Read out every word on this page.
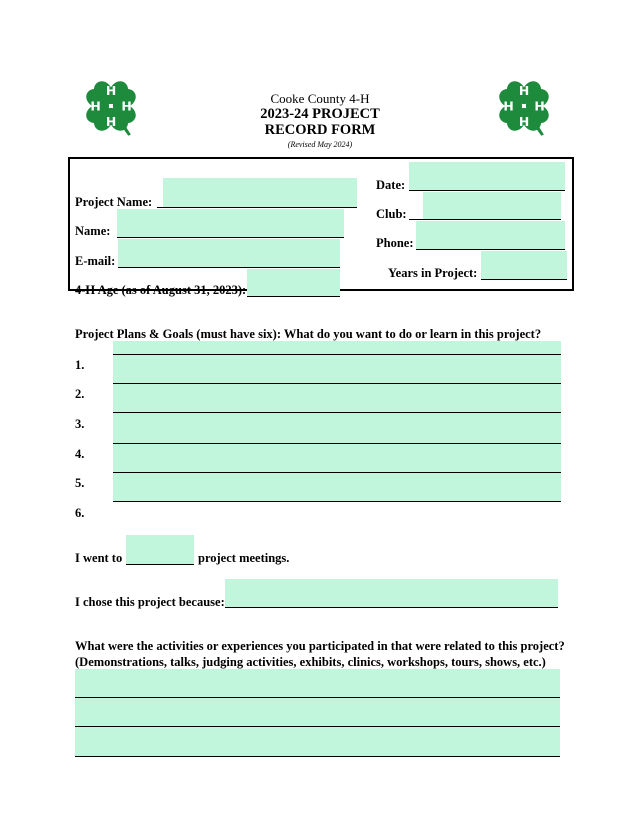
H
H
H H
H
H
H H
Cooke County 4-H
2023-24 PROJECT
RECORD FORM
(Revised May 2024)
Project Name:
Name:
E-mail:
4-H Age (as of August 31, 2023):
Date:
Club:
Phone:
Years in Project:
Project Plans & Goals (must have six): What do you want to do or learn in this project?
1.
2.
3.
4.
5.
6.
I went to	project meetings.
I chose this project because:
What were the activities or experiences you participated in that were related to this project?
(Demonstrations, talks, judging activities, exhibits, clinics, workshops, tours, shows, etc.)
